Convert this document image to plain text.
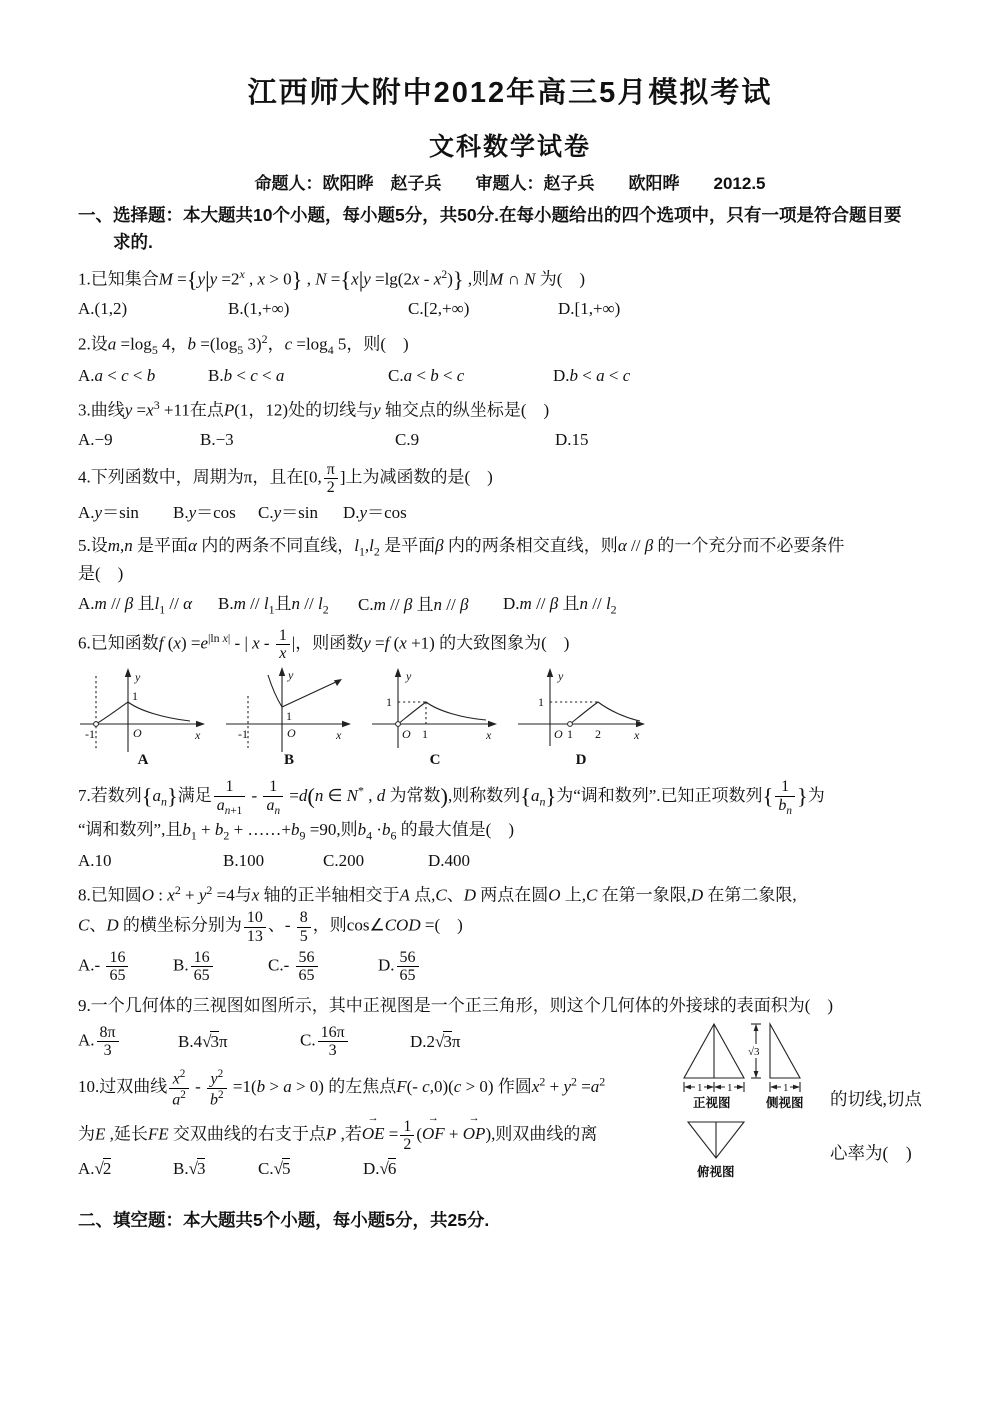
江西师大附中2012年高三5月模拟考试
文科数学试卷
命题人：欧阳晔　赵子兵　　审题人：赵子兵　　欧阳晔　　2012.5
一、选择题：本大题共10个小题，每小题5分，共50分.在每小题给出的四个选项中，只有一项是符合题目要
　　求的.
1.已知集合$M =\{y|y =2^x$ , x > 0} , $N =\{x|y =\lg(2x - x^2)\}$ ,则M ∩ N 为(　)
A.(1,2)	B.(1,+∞)	C.[2,+∞)	D.[1,+∞)
2.设$a =\log_5$ 4，$b =(\log_5$ 3)$^2$，$c =\log_4$ 5，则(　)
A.a < c < b	B.b < c < a	C.a < b < c	D.b < a < c
3.曲线$y =x^3 +11$在点P(1，12)处的切线与y 轴交点的纵坐标是(　)
A.−9	B.−3	C.9	D.15
4.下列函数中，周期为π，且在[0, $\frac{\pi}{2}$ ]上为减函数的是(　)
A.y＝sin	B.y＝cos	C.y＝sin	D.y＝cos
5.设m,n 是平面α 内的两条不同直线，$l_1,l_2$ 是平面β 内的两条相交直线，则α // β 的一个充分而不必要条件
是(　)
A.m // β 且$l_1$ // α	$B.m // l_1$且n // $l_2$	C.m // β 且n // β	D.m // β 且n // $l_2$
6.已知函数f $(x) =e^{|ln x|}$ - | x - $\frac{1}{x}$ |，则函数y =f (x +1) 的大致图象为(　)
-1	O
1
y
x
A
-1	O
1
y
x
B
1
O 1
y
x
C
1
O 1 2
y
x
D
7.若数列$\{a_n\}$满足 $\frac{1}{a_{n+1}} - \frac{1}{a_n} =d(n$ ∈ N* , d 为常数),则称数列$\{a_n\}$为“调和数列”.已知正项数列{ $\frac{1}{b_n}$ }为
“调和数列”,且$b_1 + b_2$ + $\dots\dots+b_9 =90$,则$b_4 \cdot b_6$ 的最大值是(　)
A.10	B.100	C.200	D.400
8.已知圆O : $x^2 + y^2 =4$与x 轴的正半轴相交于A 点,C、D 两点在圆O 上,C 在第一象限,D 在第二象限,
C、D 的横坐标分别为 $\frac{10}{13}$ 、- $\frac{8}{5}$ ，则cos∠COD =(　)
$A.- \frac{16}{65}$	B. $\frac{16}{65}$	$C.- \frac{56}{65}$	D. $\frac{56}{65}$
9.一个几何体的三视图如图所示，其中正视图是一个正三角形，则这个几何体的外接球的表面积为(　)
A. $\frac{8\pi}{3}$	B.4√3π	C. $\frac{16\pi}{3}$	D.2√3π
10.过双曲线 $\frac{x^2}{a^2} - \frac{y^2}{b^2} =1(b > a > 0)$ 的左焦点F(- c,0)(c > 0) 作圆$x^2 + y^2 =a^2$
为E ,延长FE 交双曲线的右支于点P ,若
→
OE = $\frac{1}{2}$ (
→
OF +
→
OP),则双曲线的离
A.√2	B.√3	C.√5	D.√6
的切线,切点
心率为(　)
1 1
正视图
√3
1
侧视图
俯视图
二、填空题：本大题共5个小题，每小题5分，共25分.
